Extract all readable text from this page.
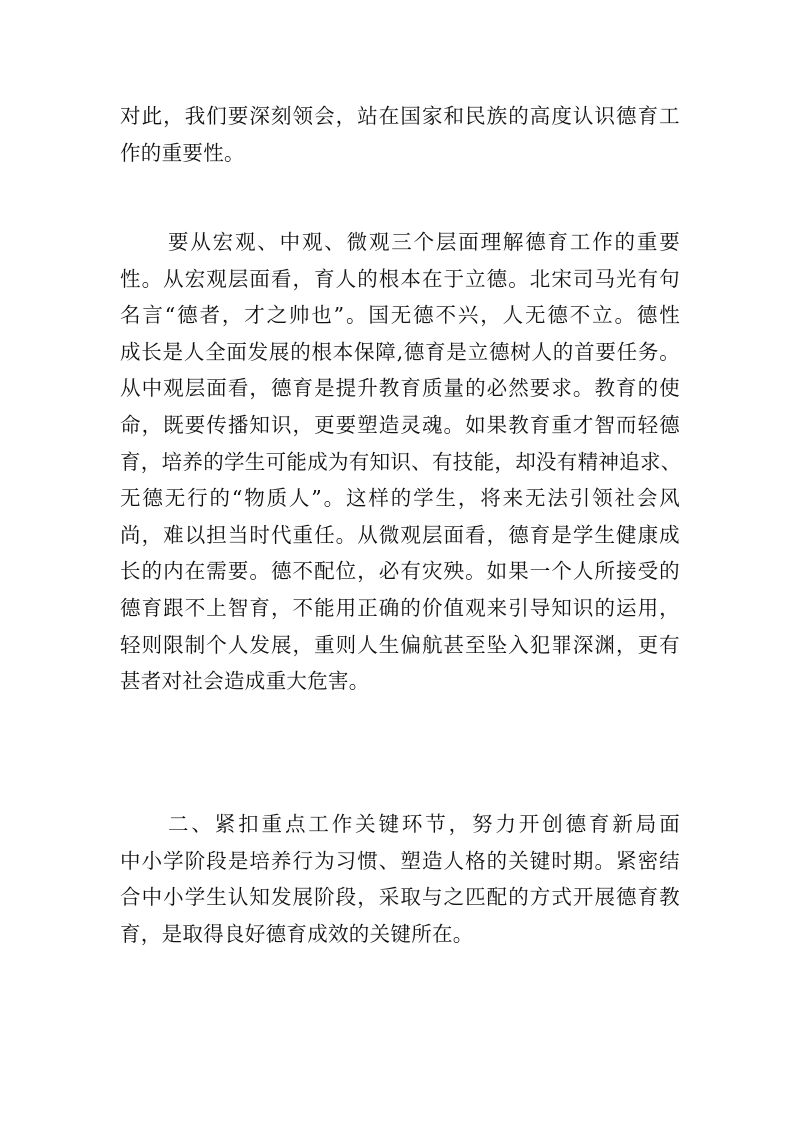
对此，我们要深刻领会，站在国家和民族的高度认识德育工
作的重要性。
要从宏观、中观、微观三个层面理解德育工作的重要
性。从宏观层面看，育人的根本在于立德。北宋司马光有句
名言“德者，才之帅也”。国无德不兴，人无德不立。德性
成长是人全面发展的根本保障,德育是立德树人的首要任务。
从中观层面看，德育是提升教育质量的必然要求。教育的使
命，既要传播知识，更要塑造灵魂。如果教育重才智而轻德
育，培养的学生可能成为有知识、有技能，却没有精神追求、
无德无行的“物质人”。这样的学生，将来无法引领社会风
尚，难以担当时代重任。从微观层面看，德育是学生健康成
长的内在需要。德不配位，必有灾殃。如果一个人所接受的
德育跟不上智育，不能用正确的价值观来引导知识的运用，
轻则限制个人发展，重则人生偏航甚至坠入犯罪深渊，更有
甚者对社会造成重大危害。
二、紧扣重点工作关键环节，努力开创德育新局面
中小学阶段是培养行为习惯、塑造人格的关键时期。紧密结
合中小学生认知发展阶段，采取与之匹配的方式开展德育教
育，是取得良好德育成效的关键所在。
